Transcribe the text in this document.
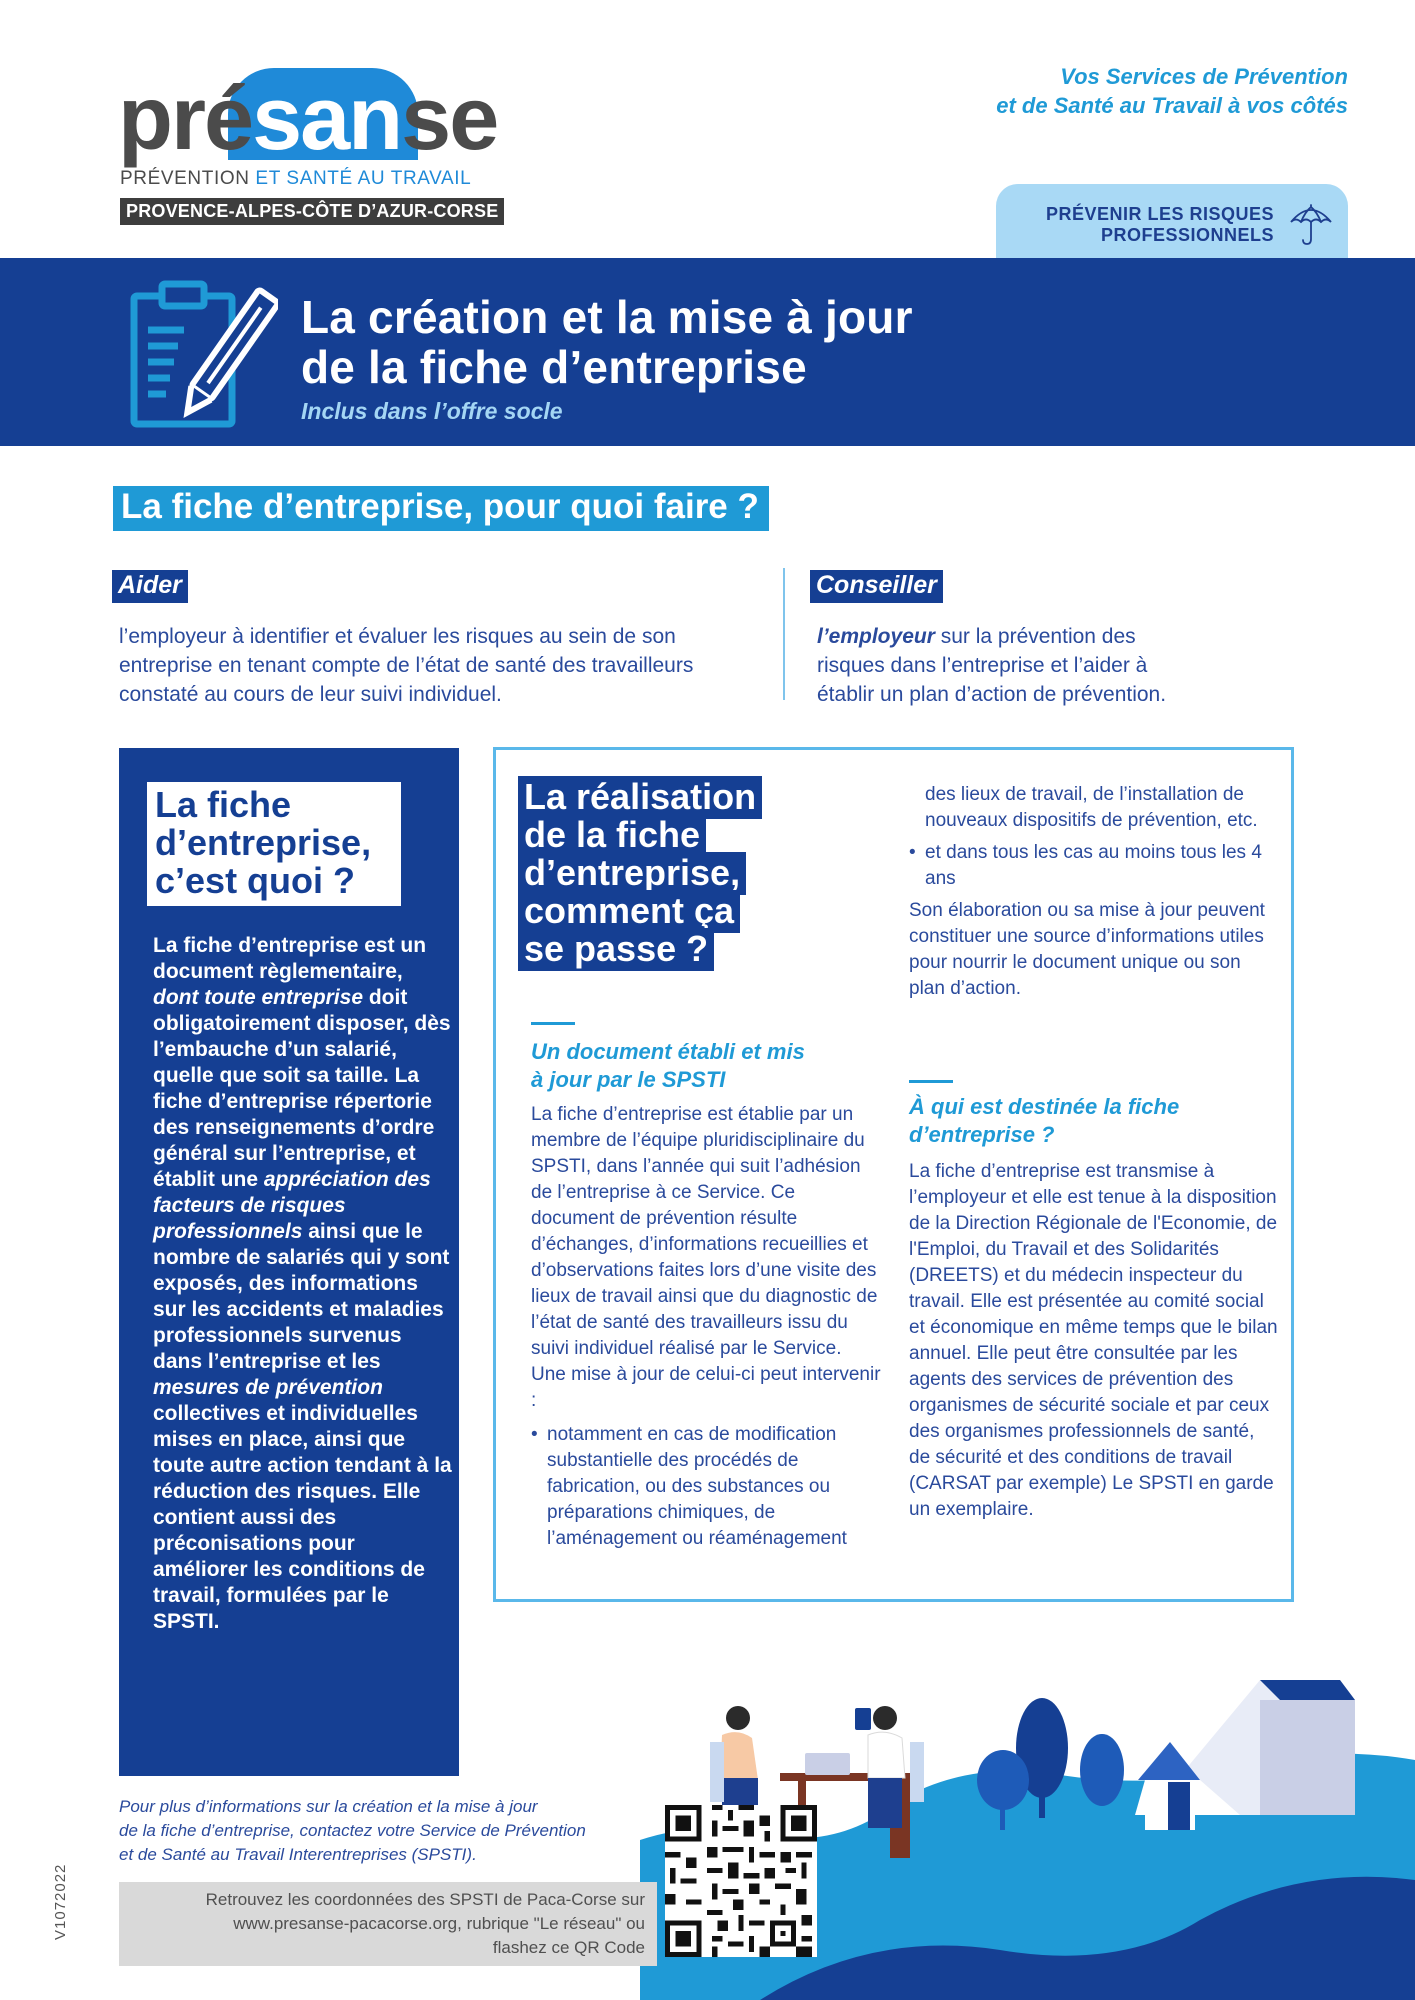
présanse
PRÉVENTION ET SANTÉ AU TRAVAIL
PROVENCE-ALPES-CÔTE D’AZUR-CORSE
Vos Services de Prévention
et de Santé au Travail à vos côtés
PRÉVENIR LES RISQUES
PROFESSIONNELS
La création et la mise à jour
de la fiche d’entreprise
Inclus dans l’offre socle
La fiche d’entreprise, pour quoi faire ?
Aider
l’employeur à identifier et évaluer les risques au sein de son
entreprise en tenant compte de l’état de santé des travailleurs
constaté au cours de leur suivi individuel.
Conseiller
l’employeur sur la prévention des
risques dans l’entreprise et l’aider à
établir un plan d’action de prévention.
La fiche
d’entreprise,
c’est quoi ?
La fiche d’entreprise est un document règlementaire, dont toute entreprise doit obligatoirement disposer, dès l’embauche d’un salarié, quelle que soit sa taille. La fiche d’entreprise répertorie des renseignements d’ordre général sur l’entreprise, et établit une appréciation des facteurs de risques professionnels ainsi que le nombre de salariés qui y sont exposés, des informations sur les accidents et maladies professionnels survenus dans l’entreprise et les mesures de prévention collectives et individuelles mises en place, ainsi que toute autre action tendant à la réduction des risques. Elle contient aussi des préconisations pour améliorer les conditions de travail, formulées par le SPSTI.
La réalisation
de la fiche
d’entreprise,
comment ça
se passe ?
Un document établi et mis
à jour par le SPSTI
La fiche d’entreprise est établie par un membre de l’équipe pluridisciplinaire du SPSTI, dans l’année qui suit l’adhésion de l’entreprise à ce Service. Ce document de prévention résulte d’échanges, d’informations recueillies et d’observations faites lors d’une visite des lieux de travail ainsi que du diagnostic de l’état de santé des travailleurs issu du suivi individuel réalisé par le Service.
Une mise à jour de celui-ci peut intervenir :
• notamment en cas de modification substantielle des procédés de fabrication, ou des substances ou préparations chimiques, de l’aménagement ou réaménagement
des lieux de travail, de l’installation de nouveaux dispositifs de prévention, etc.
• et dans tous les cas au moins tous les 4 ans
Son élaboration ou sa mise à jour peuvent constituer une source d’informations utiles pour nourrir le document unique ou son plan d’action.
À qui est destinée la fiche
d’entreprise ?
La fiche d’entreprise est transmise à l’employeur et elle est tenue à la disposition de la Direction Régionale de l'Economie, de l'Emploi, du Travail et des Solidarités (DREETS) et du médecin inspecteur du travail. Elle est présentée au comité social et économique en même temps que le bilan annuel. Elle peut être consultée par les agents des services de prévention des organismes de sécurité sociale et par ceux des organismes professionnels de santé, de sécurité et des conditions de travail (CARSAT par exemple) Le SPSTI en garde un exemplaire.
Pour plus d’informations sur la création et la mise à jour
de la fiche d’entreprise, contactez votre Service de Prévention
et de Santé au Travail Interentreprises (SPSTI).
Retrouvez les coordonnées des SPSTI de Paca-Corse sur
www.presanse-pacacorse.org, rubrique "Le réseau" ou
flashez ce QR Code
V1072022
